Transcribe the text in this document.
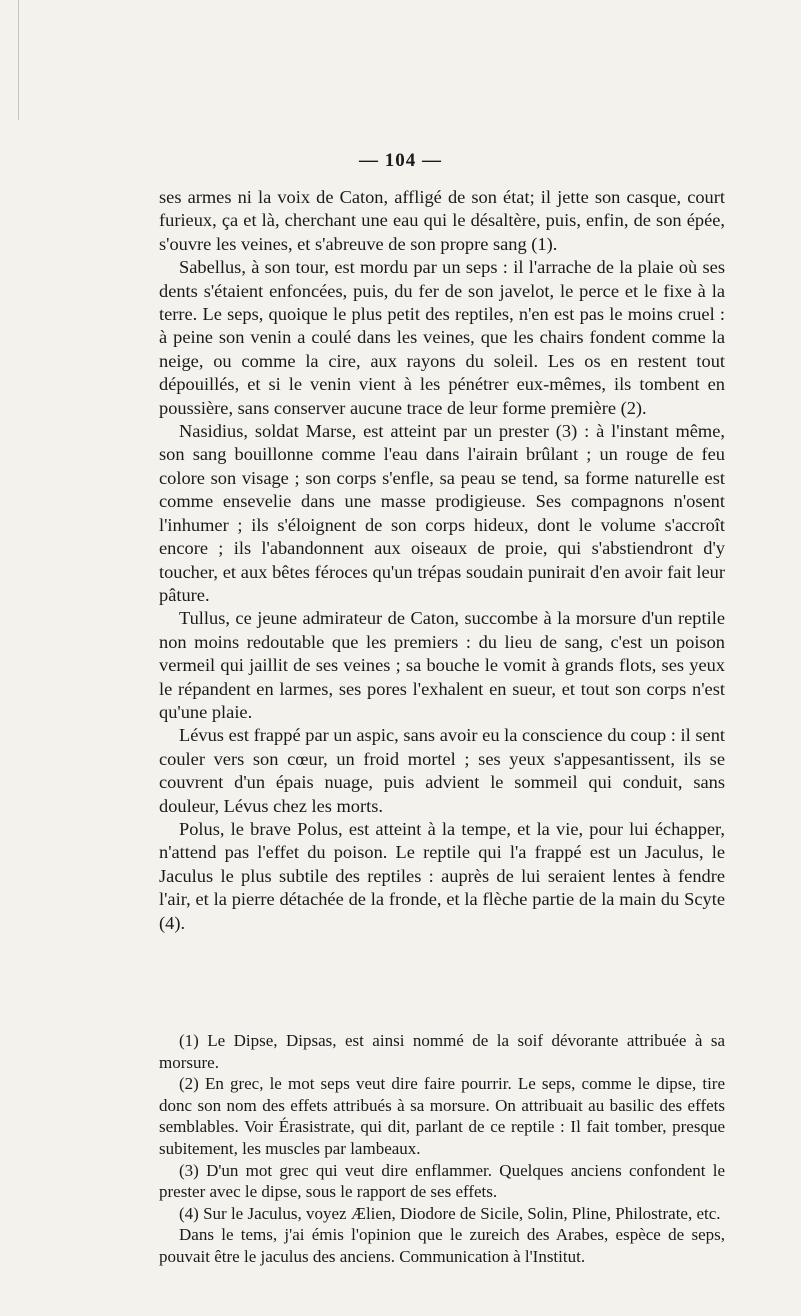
— 104 —

ses armes ni la voix de Caton, affligé de son état; il jette son casque, court furieux, ça et là, cherchant une eau qui le désaltère, puis, enfin, de son épée, s'ouvre les veines, et s'abreuve de son propre sang (1).

Sabellus, à son tour, est mordu par un seps : il l'arrache de la plaie où ses dents s'étaient enfoncées, puis, du fer de son javelot, le perce et le fixe à la terre. Le seps, quoique le plus petit des reptiles, n'en est pas le moins cruel : à peine son venin a coulé dans les veines, que les chairs fondent comme la neige, ou comme la cire, aux rayons du soleil. Les os en restent tout dépouillés, et si le venin vient à les pénétrer eux-mêmes, ils tombent en poussière, sans conserver aucune trace de leur forme première (2).

Nasidius, soldat Marse, est atteint par un prester (3) : à l'instant même, son sang bouillonne comme l'eau dans l'airain brûlant ; un rouge de feu colore son visage ; son corps s'enfle, sa peau se tend, sa forme naturelle est comme ensevelie dans une masse prodigieuse. Ses compagnons n'osent l'inhumer ; ils s'éloignent de son corps hideux, dont le volume s'accroît encore ; ils l'abandonnent aux oiseaux de proie, qui s'abstiendront d'y toucher, et aux bêtes féroces qu'un trépas soudain punirait d'en avoir fait leur pâture.

Tullus, ce jeune admirateur de Caton, succombe à la morsure d'un reptile non moins redoutable que les premiers : du lieu de sang, c'est un poison vermeil qui jaillit de ses veines ; sa bouche le vomit à grands flots, ses yeux le répandent en larmes, ses pores l'exhalent en sueur, et tout son corps n'est qu'une plaie.

Lévus est frappé par un aspic, sans avoir eu la conscience du coup : il sent couler vers son cœur, un froid mortel ; ses yeux s'appesantissent, ils se couvrent d'un épais nuage, puis advient le sommeil qui conduit, sans douleur, Lévus chez les morts.

Polus, le brave Polus, est atteint à la tempe, et la vie, pour lui échapper, n'attend pas l'effet du poison. Le reptile qui l'a frappé est un Jaculus, le Jaculus le plus subtile des reptiles : auprès de lui seraient lentes à fendre l'air, et la pierre détachée de la fronde, et la flèche partie de la main du Scyte (4).

(1) Le Dipse, Dipsas, est ainsi nommé de la soif dévorante attribuée à sa morsure.

(2) En grec, le mot seps veut dire faire pourrir. Le seps, comme le dipse, tire donc son nom des effets attribués à sa morsure. On attribuait au basilic des effets semblables. Voir Érasistrate, qui dit, parlant de ce reptile : Il fait tomber, presque subitement, les muscles par lambeaux.

(3) D'un mot grec qui veut dire enflammer. Quelques anciens confondent le prester avec le dipse, sous le rapport de ses effets.

(4) Sur le Jaculus, voyez Ælien, Diodore de Sicile, Solin, Pline, Philostrate, etc.

Dans le tems, j'ai émis l'opinion que le zureich des Arabes, espèce de seps, pouvait être le jaculus des anciens. Communication à l'Institut.
